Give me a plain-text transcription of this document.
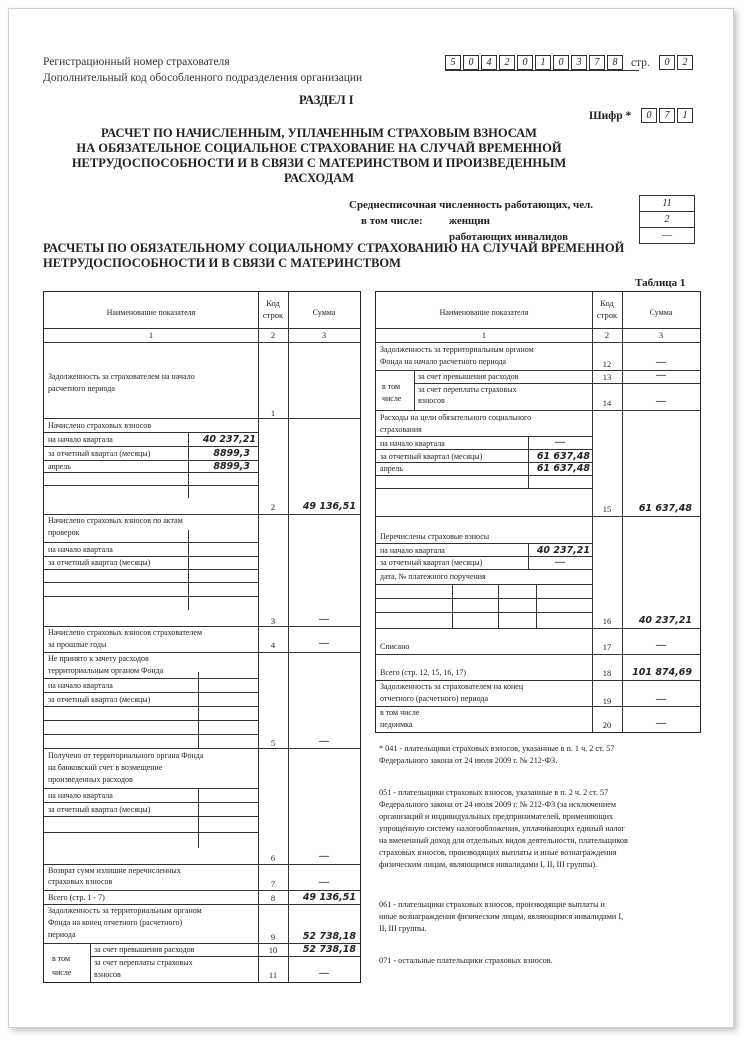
Регистрационный номер страхователя
Дополнительный код обособленного подразделения организации
5	0	4	2	0	1	0	3	7	8	стр.	0	2
РАЗДЕЛ I
Шифр *	0	7	1
РАСЧЕТ ПО НАЧИСЛЕННЫМ, УПЛАЧЕННЫМ СТРАХОВЫМ ВЗНОСАМ
НА ОБЯЗАТЕЛЬНОЕ СОЦИАЛЬНОЕ СТРАХОВАНИЕ НА СЛУЧАЙ ВРЕМЕННОЙ
НЕТРУДОСПОСОБНОСТИ И В СВЯЗИ С МАТЕРИНСТВОМ И ПРОИЗВЕДЕННЫМ
РАСХОДАМ
Среднесписочная численность работающих, чел.	11
в том числе: женщин	2
работающих инвалидов	—
РАСЧЕТЫ ПО ОБЯЗАТЕЛЬНОМУ СОЦИАЛЬНОМУ СТРАХОВАНИЮ НА СЛУЧАЙ ВРЕМЕННОЙ
НЕТРУДОСПОСОБНОСТИ И В СВЯЗИ С МАТЕРИНСТВОМ
Таблица 1
Наименование показателя
Код
строк	Сумма
1	2	3
Задолженность за страхователем на начало
расчетного периода
1
Начислено страховых взносов
на начало квартала	40 237,21
за отчетный квартал (месяцы)	8899,3
апрель	8899,3
2	49 136,51
Начислено страховых взносов по актам
проверок
на начало квартала
за отчетный квартал (месяцы)
3	—
Начислено страховых взносов страхователем
за прошлые годы	4	—
Не принято к зачету расходов
территориальным органом Фонда
на начало квартала
за отчетный квартал (месяцы)
5	—
Получено от территориального органа Фонда
на банковский счет в возмещение
произведенных расходов
на начало квартала
за отчетный квартал (месяцы)
6	—
Возврат сумм излишне перечисленных
страховых взносов	7	—
Всего (стр. 1 - 7)	8	49 136,51
Задолженность за территориальным органом
Фонда на конец отчетного (расчетного)
периода	9	52 738,18
в том
числе
за счет превышения расходов	10	52 738,18
за счет переплаты страховых
взносов	11	—
Наименование показателя
Код
строк	Сумма
1	2	3
Задолженность за территориальным органом
Фонда на начало расчетного периода	12	—
в том
числе
за счет превышения расходов	13	—
за счет переплаты страховых
взносов	14	—
Расходы на цели обязательного социального
страхования
на начало квартала	—
за отчетный квартал (месяцы)	61 637,48
апрель	61 637,48
15	61 637,48
Перечислены страховые взносы
на начало квартала	40 237,21
за отчетный квартал (месяцы)	—
дата, № платежного поручения
16	40 237,21
Списано	17	—
Всего (стр. 12, 15, 16, 17)	18	101 874,69
Задолженность за страхователем на конец
отчетного (расчетного) периода	19	—
в том числе
недоимка	20	—
* 041 - плательщики страховых взносов, указанные в п. 1 ч. 2 ст. 57
Федерального закона от 24 июля 2009 г. № 212-ФЗ.
051 - плательщики страховых взносов, указанные в п. 2 ч. 2 ст. 57
Федерального закона от 24 июля 2009 г. № 212-ФЗ (за исключением
организаций и индивидуальных предпринимателей, применяющих
упрощенную систему налогообложения, уплачивающих единый налог
на вмененный доход для отдельных видов деятельности, плательщиков
страховых взносов, производящих выплаты и иные вознаграждения
физическим лицам, являющимся инвалидами I, II, III группы).
061 - плательщики страховых взносов, производящие выплаты и
иные вознаграждения физическим лицам, являющимся инвалидами I,
II, III группы.
071 - остальные плательщики страховых взносов.
